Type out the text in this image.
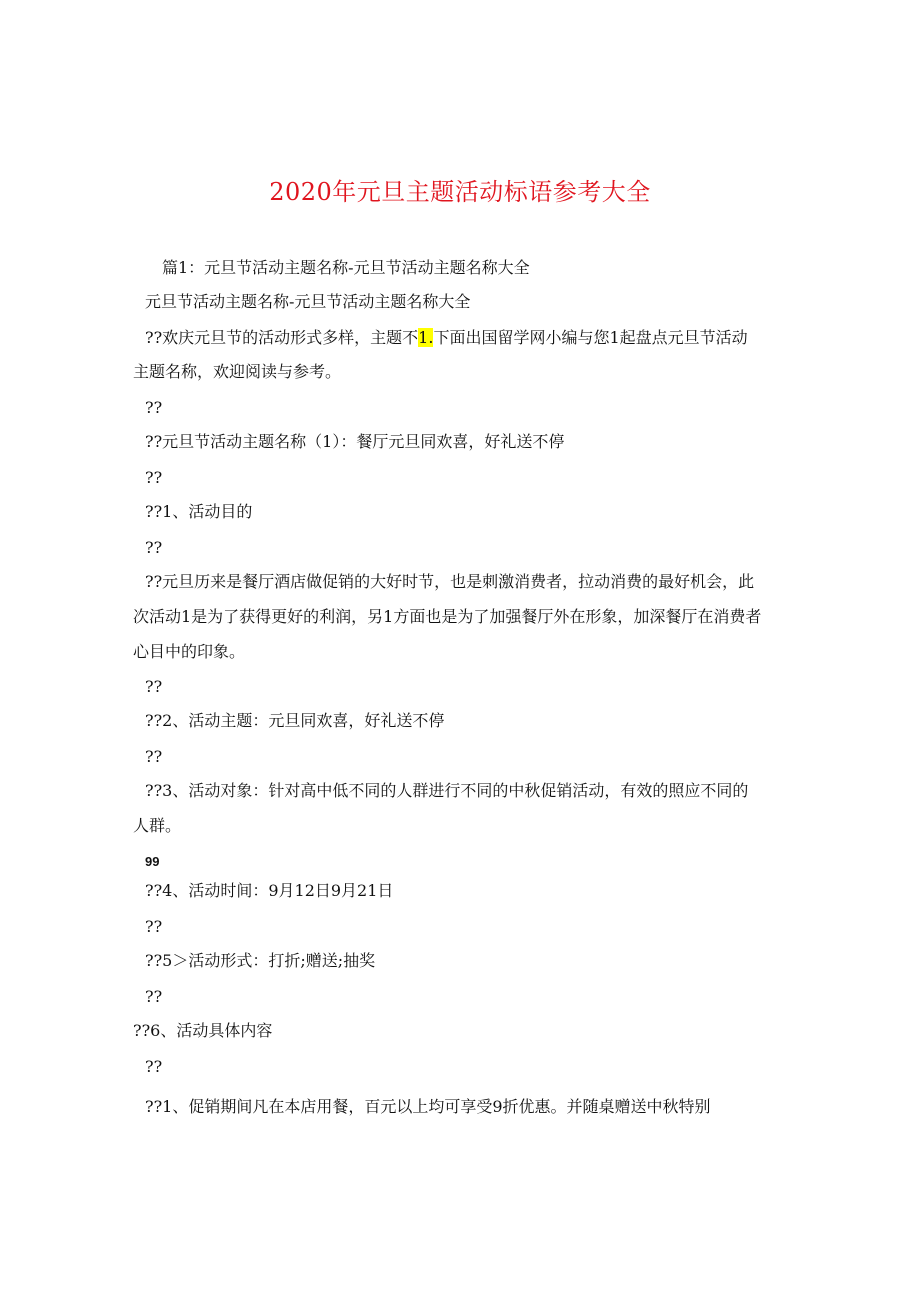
2020年元旦主题活动标语参考大全
篇1：元旦节活动主题名称-元旦节活动主题名称大全
元旦节活动主题名称-元旦节活动主题名称大全
??欢庆元旦节的活动形式多样，主题不1.下面出国留学网小编与您1起盘点元旦节活动
主题名称，欢迎阅读与参考。
??
??元旦节活动主题名称（1）：餐厅元旦同欢喜，好礼送不停
??
??1、活动目的
??
??元旦历来是餐厅酒店做促销的大好时节，也是刺激消费者，拉动消费的最好机会，此
次活动1是为了获得更好的利润，另1方面也是为了加强餐厅外在形象，加深餐厅在消费者
心目中的印象。
??
??2、活动主题：元旦同欢喜，好礼送不停
??
??3、活动对象：针对高中低不同的人群进行不同的中秋促销活动，有效的照应不同的
人群。
99
??4、活动时间：9月12日9月21日
??
??5＞活动形式：打折;赠送;抽奖
??
??6、活动具体内容
??
??1、促销期间凡在本店用餐，百元以上均可享受9折优惠。并随桌赠送中秋特别
